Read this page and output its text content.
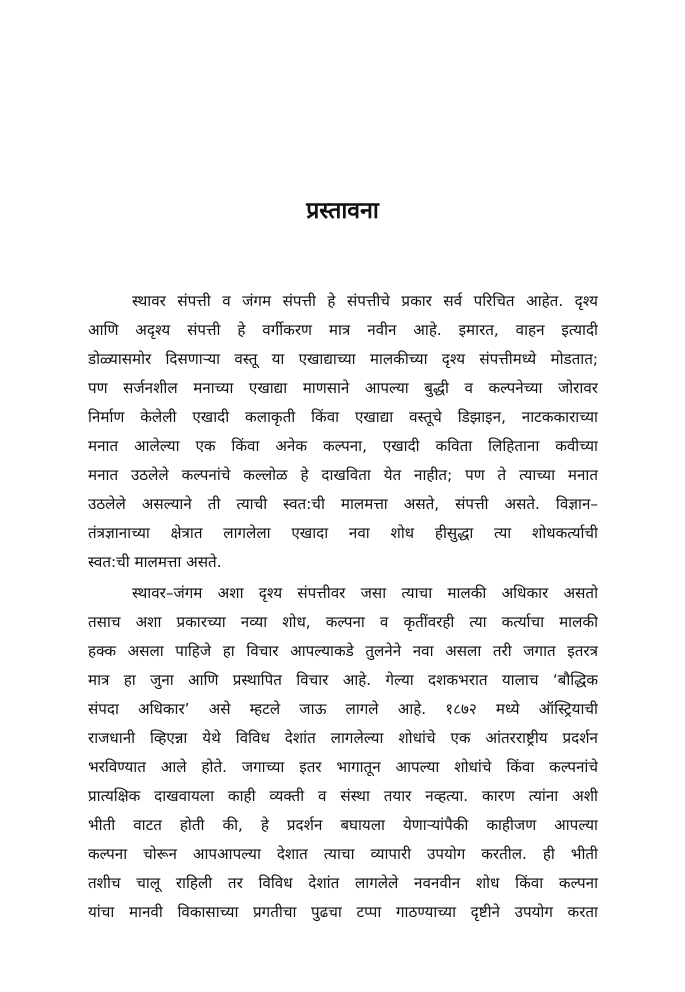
प्रस्तावना
स्थावर संपत्ती व जंगम संपत्ती हे संपत्तीचे प्रकार सर्व परिचित आहेत. दृश्य
आणि अदृश्य संपत्ती हे वर्गीकरण मात्र नवीन आहे. इमारत, वाहन इत्यादी
डोळ्यासमोर दिसणाऱ्या वस्तू या एखाद्याच्या मालकीच्या दृश्य संपत्तीमध्ये मोडतात;
पण सर्जनशील मनाच्या एखाद्या माणसाने आपल्या बुद्धी व कल्पनेच्या जोरावर
निर्माण केलेली एखादी कलाकृती किंवा एखाद्या वस्तूचे डिझाइन, नाटककाराच्या
मनात आलेल्या एक किंवा अनेक कल्पना, एखादी कविता लिहिताना कवीच्या
मनात उठलेले कल्पनांचे कल्लोळ हे दाखविता येत नाहीत; पण ते त्याच्या मनात
उठलेले असल्याने ती त्याची स्वत:ची मालमत्ता असते, संपत्ती असते. विज्ञान–
तंत्रज्ञानाच्या क्षेत्रात लागलेला एखादा नवा शोध हीसुद्धा त्या शोधकर्त्याची
स्वत:ची मालमत्ता असते.
स्थावर–जंगम अशा दृश्य संपत्तीवर जसा त्याचा मालकी अधिकार असतो
तसाच अशा प्रकारच्या नव्या शोध, कल्पना व कृतींवरही त्या कर्त्याचा मालकी
हक्क असला पाहिजे हा विचार आपल्याकडे तुलनेने नवा असला तरी जगात इतरत्र
मात्र हा जुना आणि प्रस्थापित विचार आहे. गेल्या दशकभरात यालाच ‘बौद्धिक
संपदा अधिकार’ असे म्हटले जाऊ लागले आहे. १८७२ मध्ये ऑस्ट्रियाची
राजधानी व्हिएन्ना येथे विविध देशांत लागलेल्या शोधांचे एक आंतरराष्ट्रीय प्रदर्शन
भरविण्यात आले होते. जगाच्या इतर भागातून आपल्या शोधांचे किंवा कल्पनांचे
प्रात्यक्षिक दाखवायला काही व्यक्ती व संस्था तयार नव्हत्या. कारण त्यांना अशी
भीती वाटत होती की, हे प्रदर्शन बघायला येणाऱ्यांपैकी काहीजण आपल्या
कल्पना चोरून आपआपल्या देशात त्याचा व्यापारी उपयोग करतील. ही भीती
तशीच चालू राहिली तर विविध देशांत लागलेले नवनवीन शोध किंवा कल्पना
यांचा मानवी विकासाच्या प्रगतीचा पुढचा टप्पा गाठण्याच्या दृष्टीने उपयोग करता
